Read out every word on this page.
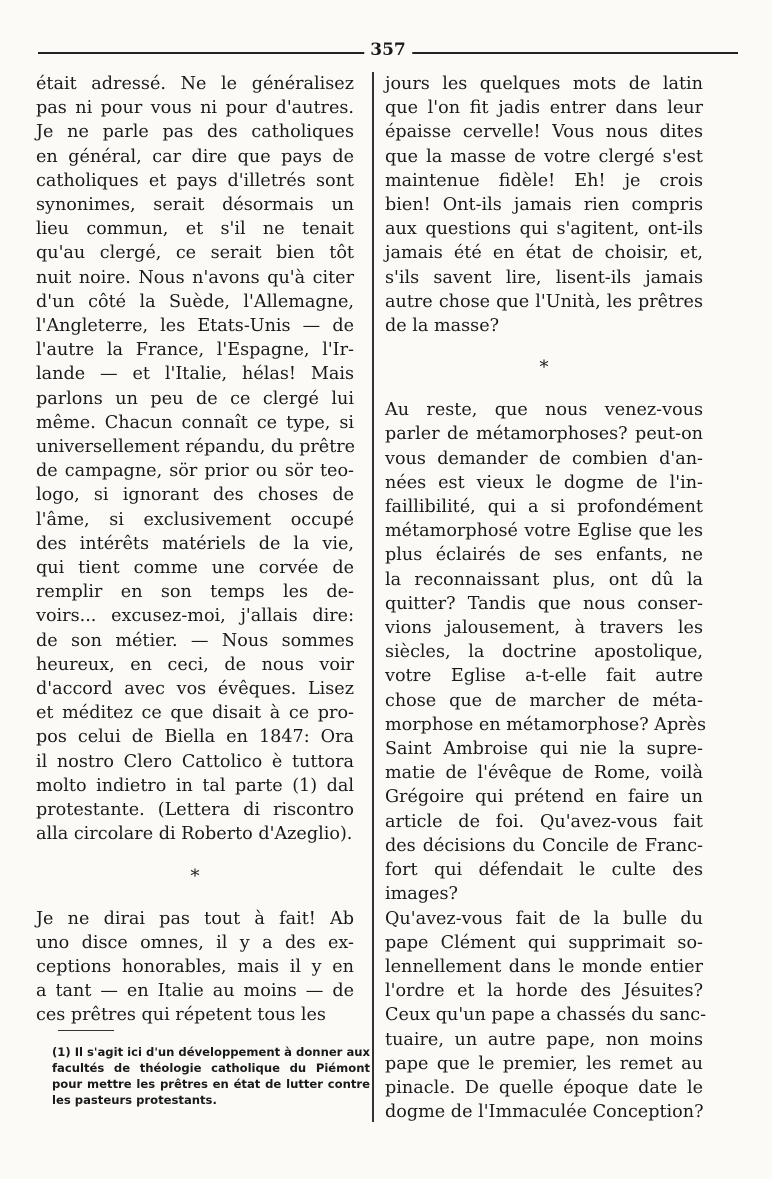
357
était adressé. Ne le généralisez
pas ni pour vous ni pour d'autres.
Je ne parle pas des catholiques
en général, car dire que pays de
catholiques et pays d'illetrés sont
synonimes, serait désormais un
lieu commun, et s'il ne tenait
qu'au clergé, ce serait bien tôt
nuit noire. Nous n'avons qu'à citer
d'un côté la Suède, l'Allemagne,
l'Angleterre, les Etats-Unis — de
l'autre la France, l'Espagne, l'Ir-
lande — et l'Italie, hélas! Mais
parlons un peu de ce clergé lui
même. Chacun connaît ce type, si
universellement répandu, du prêtre
de campagne, sör prior ou sör teo-
logo, si ignorant des choses de
l'âme, si exclusivement occupé
des intérêts matériels de la vie,
qui tient comme une corvée de
remplir en son temps les de-
voirs... excusez-moi, j'allais dire:
de son métier. — Nous sommes
heureux, en ceci, de nous voir
d'accord avec vos évêques. Lisez
et méditez ce que disait à ce pro-
pos celui de Biella en 1847: Ora
il nostro Clero Cattolico è tuttora
molto indietro in tal parte (1) dal
protestante. (Lettera di riscontro
alla circolare di Roberto d'Azeglio).
*
Je ne dirai pas tout à fait! Ab
uno disce omnes, il y a des ex-
ceptions honorables, mais il y en
a tant — en Italie au moins — de
ces prêtres qui répetent tous les
jours les quelques mots de latin
que l'on fit jadis entrer dans leur
épaisse cervelle! Vous nous dites
que la masse de votre clergé s'est
maintenue fidèle! Eh! je crois
bien! Ont-ils jamais rien compris
aux questions qui s'agitent, ont-ils
jamais été en état de choisir, et,
s'ils savent lire, lisent-ils jamais
autre chose que l'Unità, les prêtres
de la masse?
*
Au reste, que nous venez-vous
parler de métamorphoses? peut-on
vous demander de combien d'an-
nées est vieux le dogme de l'in-
faillibilité, qui a si profondément
métamorphosé votre Eglise que les
plus éclairés de ses enfants, ne
la reconnaissant plus, ont dû la
quitter? Tandis que nous conser-
vions jalousement, à travers les
siècles, la doctrine apostolique,
votre Eglise a-t-elle fait autre
chose que de marcher de méta-
morphose en métamorphose? Après
Saint Ambroise qui nie la supre-
matie de l'évêque de Rome, voilà
Grégoire qui prétend en faire un
article de foi. Qu'avez-vous fait
des décisions du Concile de Franc-
fort qui défendait le culte des
images?
Qu'avez-vous fait de la bulle du
pape Clément qui supprimait so-
lennellement dans le monde entier
l'ordre et la horde des Jésuites?
Ceux qu'un pape a chassés du sanc-
tuaire, un autre pape, non moins
pape que le premier, les remet au
pinacle. De quelle époque date le
dogme de l'Immaculée Conception?
(1) Il s'agit ici d'un développement à donner aux facultés de théologie catholique du Piémont pour mettre les prêtres en état de lutter contre les pasteurs protestants.
